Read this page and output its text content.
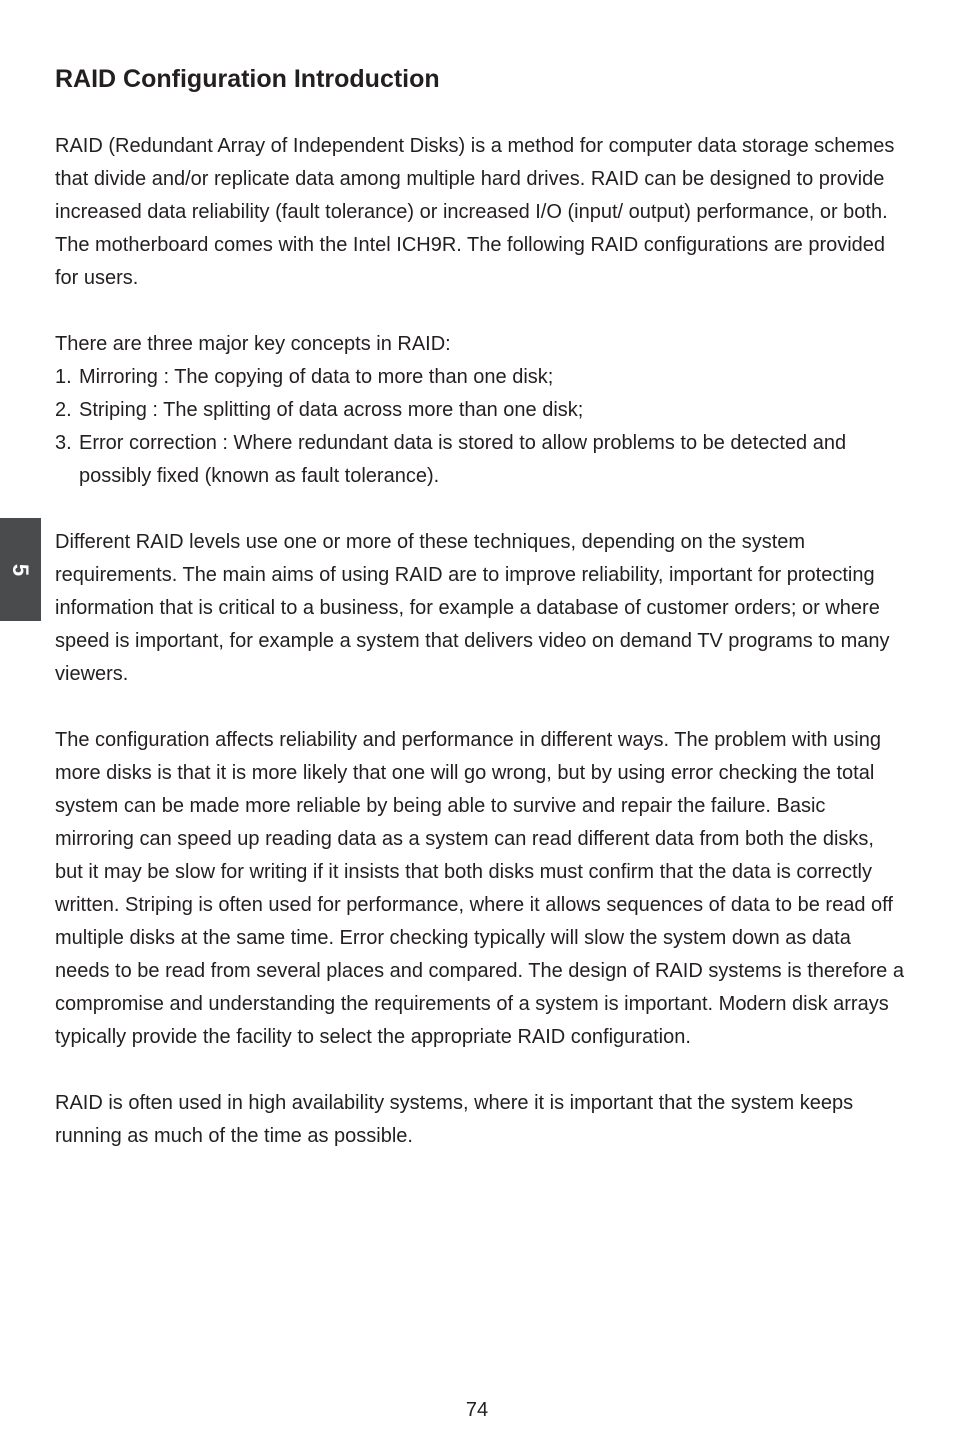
RAID Configuration Introduction

RAID (Redundant Array of Independent Disks) is a method for computer data storage schemes that divide and/or replicate data among multiple hard drives. RAID can be designed to provide increased data reliability (fault tolerance) or increased I/O (input/ output) performance, or both. The motherboard comes with the Intel ICH9R. The following RAID configurations are provided for users.

There are three major key concepts in RAID:

1. Mirroring : The copying of data to more than one disk;
2. Striping : The splitting of data across more than one disk;
3. Error correction : Where redundant data is stored to allow problems to be detected and possibly fixed (known as fault tolerance).

Different RAID levels use one or more of these techniques, depending on the system requirements. The main aims of using RAID are to improve reliability, important for protecting information that is critical to a business, for example a database of customer orders; or where speed is important, for example a system that delivers video on demand TV programs to many viewers.

The configuration affects reliability and performance in different ways. The problem with using more disks is that it is more likely that one will go wrong, but by using error checking the total system can be made more reliable by being able to survive and repair the failure. Basic mirroring can speed up reading data as a system can read different data from both the disks, but it may be slow for writing if it insists that both disks must confirm that the data is correctly written. Striping is often used for performance, where it allows sequences of data to be read off multiple disks at the same time. Error checking typically will slow the system down as data needs to be read from several places and compared. The design of RAID systems is therefore a compromise and understanding the requirements of a system is important. Modern disk arrays typically provide the facility to select the appropriate RAID configuration.

RAID is often used in high availability systems, where it is important that the system keeps running as much of the time as possible.

5
74
